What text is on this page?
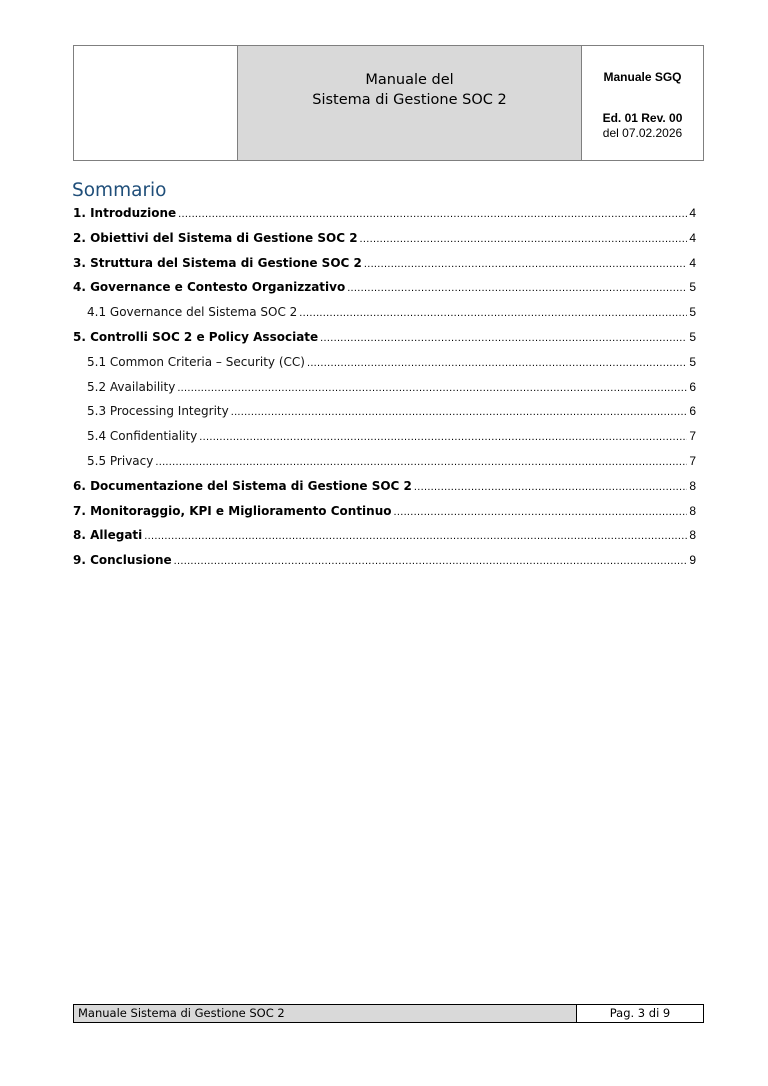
Manuale del
Sistema di Gestione SOC 2
Manuale SGQ
Ed. 01 Rev. 00
del 07.02.2026
Sommario
1. Introduzione .....	4
2. Obiettivi del Sistema di Gestione SOC 2 .....	4
3. Struttura del Sistema di Gestione SOC 2 .....	4
4. Governance e Contesto Organizzativo .....	5
4.1 Governance del Sistema SOC 2 .....	5
5. Controlli SOC 2 e Policy Associate .....	5
5.1 Common Criteria – Security (CC) .....	5
5.2 Availability .....	6
5.3 Processing Integrity .....	6
5.4 Confidentiality .....	7
5.5 Privacy .....	7
6. Documentazione del Sistema di Gestione SOC 2 .....	8
7. Monitoraggio, KPI e Miglioramento Continuo .....	8
8. Allegati .....	8
9. Conclusione .....	9
Manuale Sistema di Gestione SOC 2	Pag. 3 di 9
